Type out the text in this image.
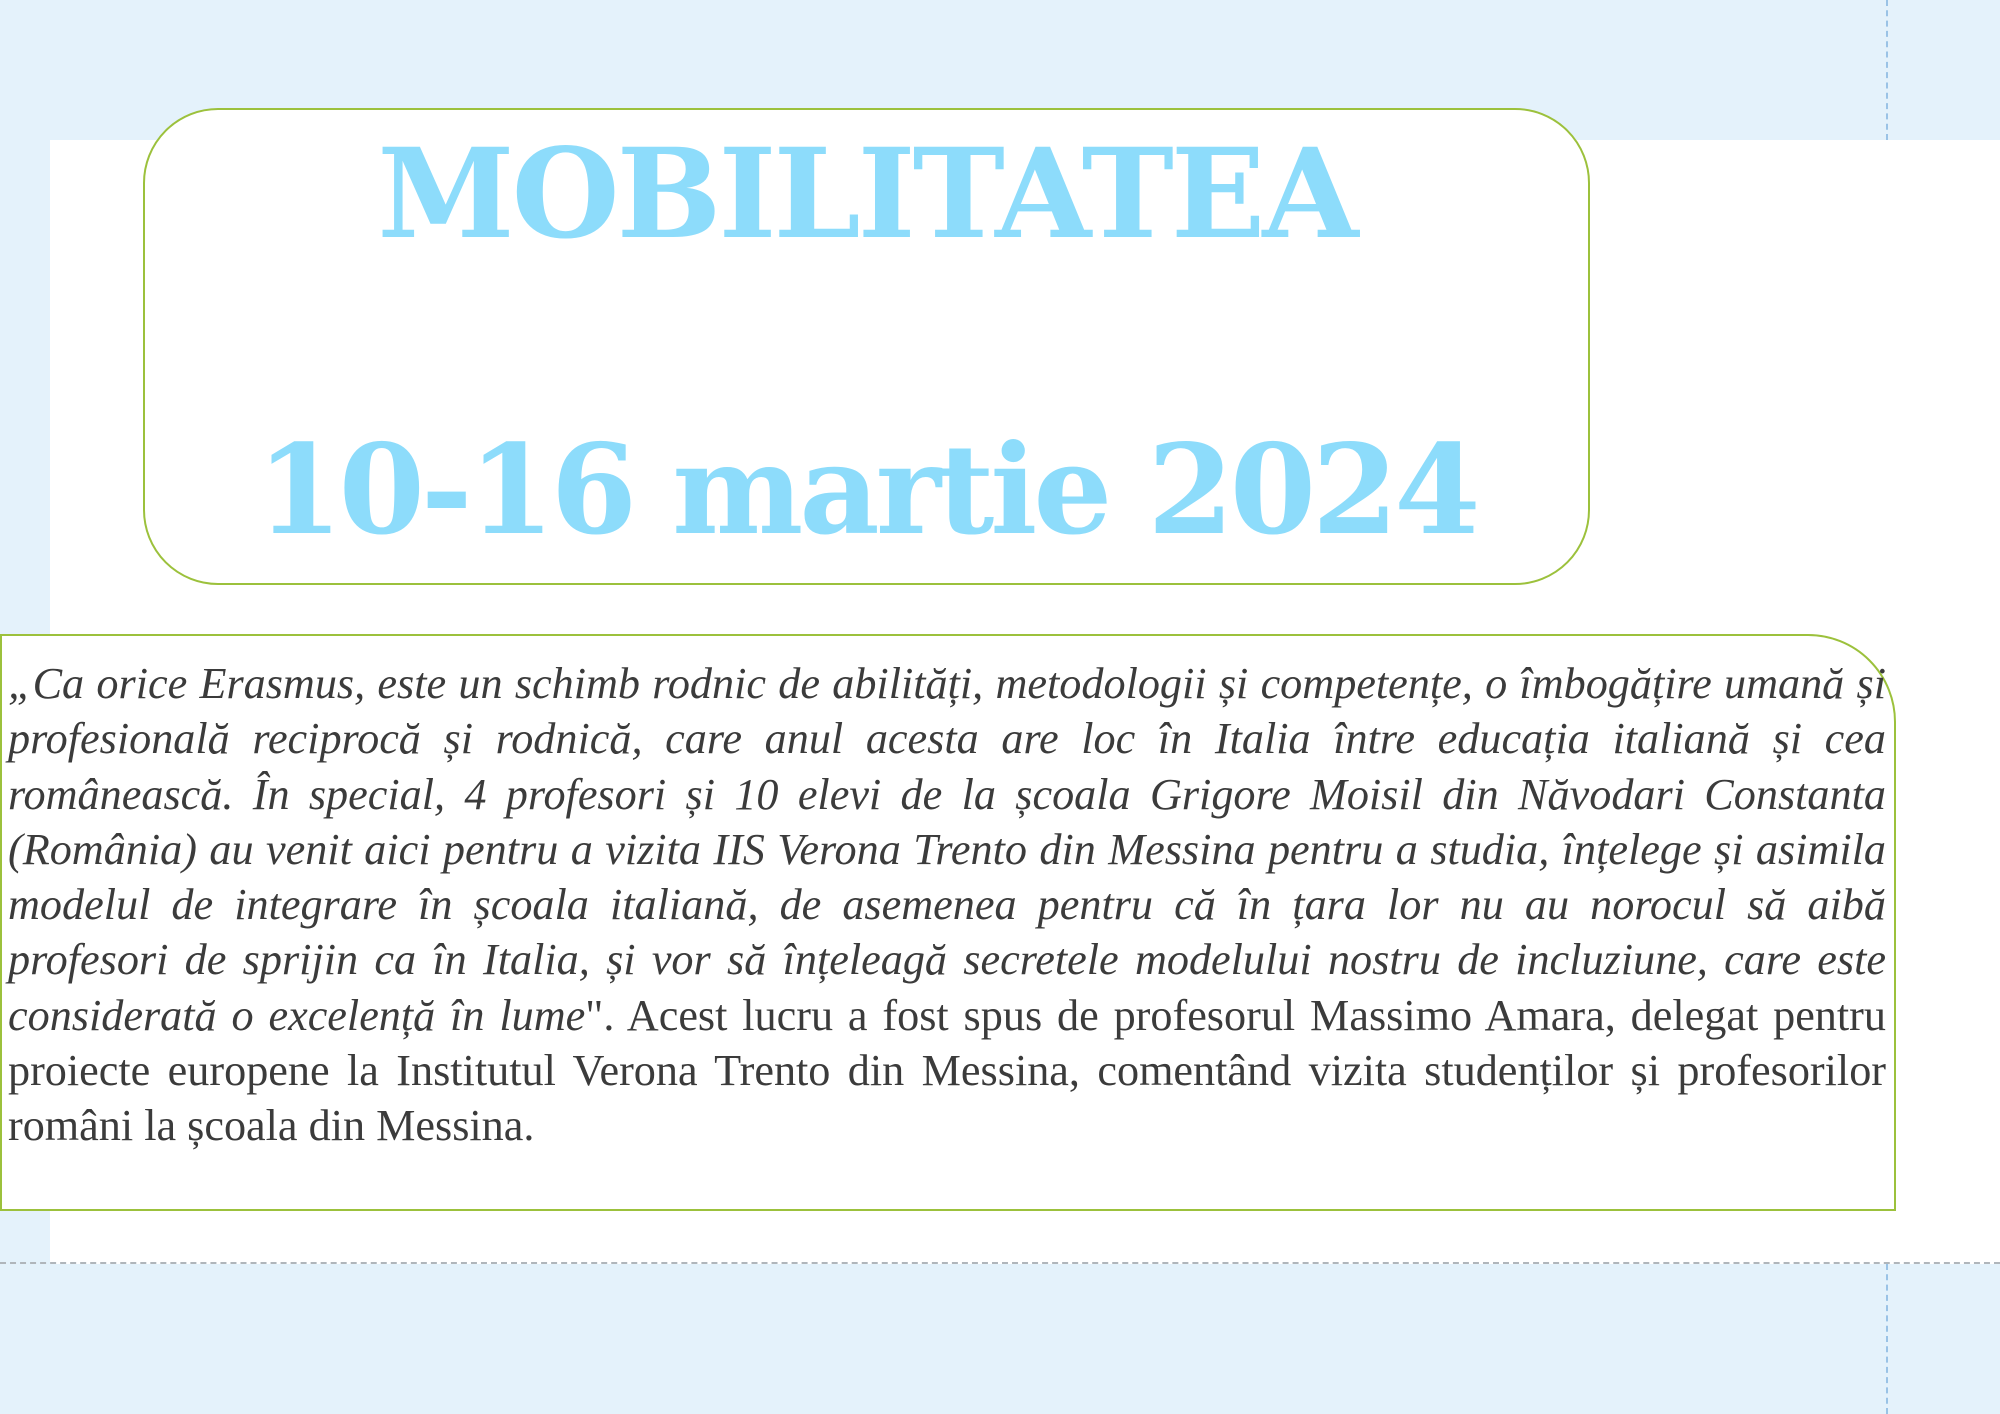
MOBILITATEA
10-16 martie 2024

„Ca orice Erasmus, este un schimb rodnic de abilități, metodologii și competențe, o îmbogățire umană și profesională reciprocă și rodnică, care anul acesta are loc în Italia între educația italiană și cea românească. În special, 4 profesori și 10 elevi de la școala Grigore Moisil din Năvodari Constanta (România) au venit aici pentru a vizita IIS Verona Trento din Messina pentru a studia, înțelege și asimila modelul de integrare în școala italiană, de asemenea pentru că în țara lor nu au norocul să aibă profesori de sprijin ca în Italia, și vor să înțeleagă secretele modelului nostru de incluziune, care este considerată o excelență în lume". Acest lucru a fost spus de profesorul Massimo Amara, delegat pentru proiecte europene la Institutul Verona Trento din Messina, comentând vizita studenților și profesorilor români la școala din Messina.
